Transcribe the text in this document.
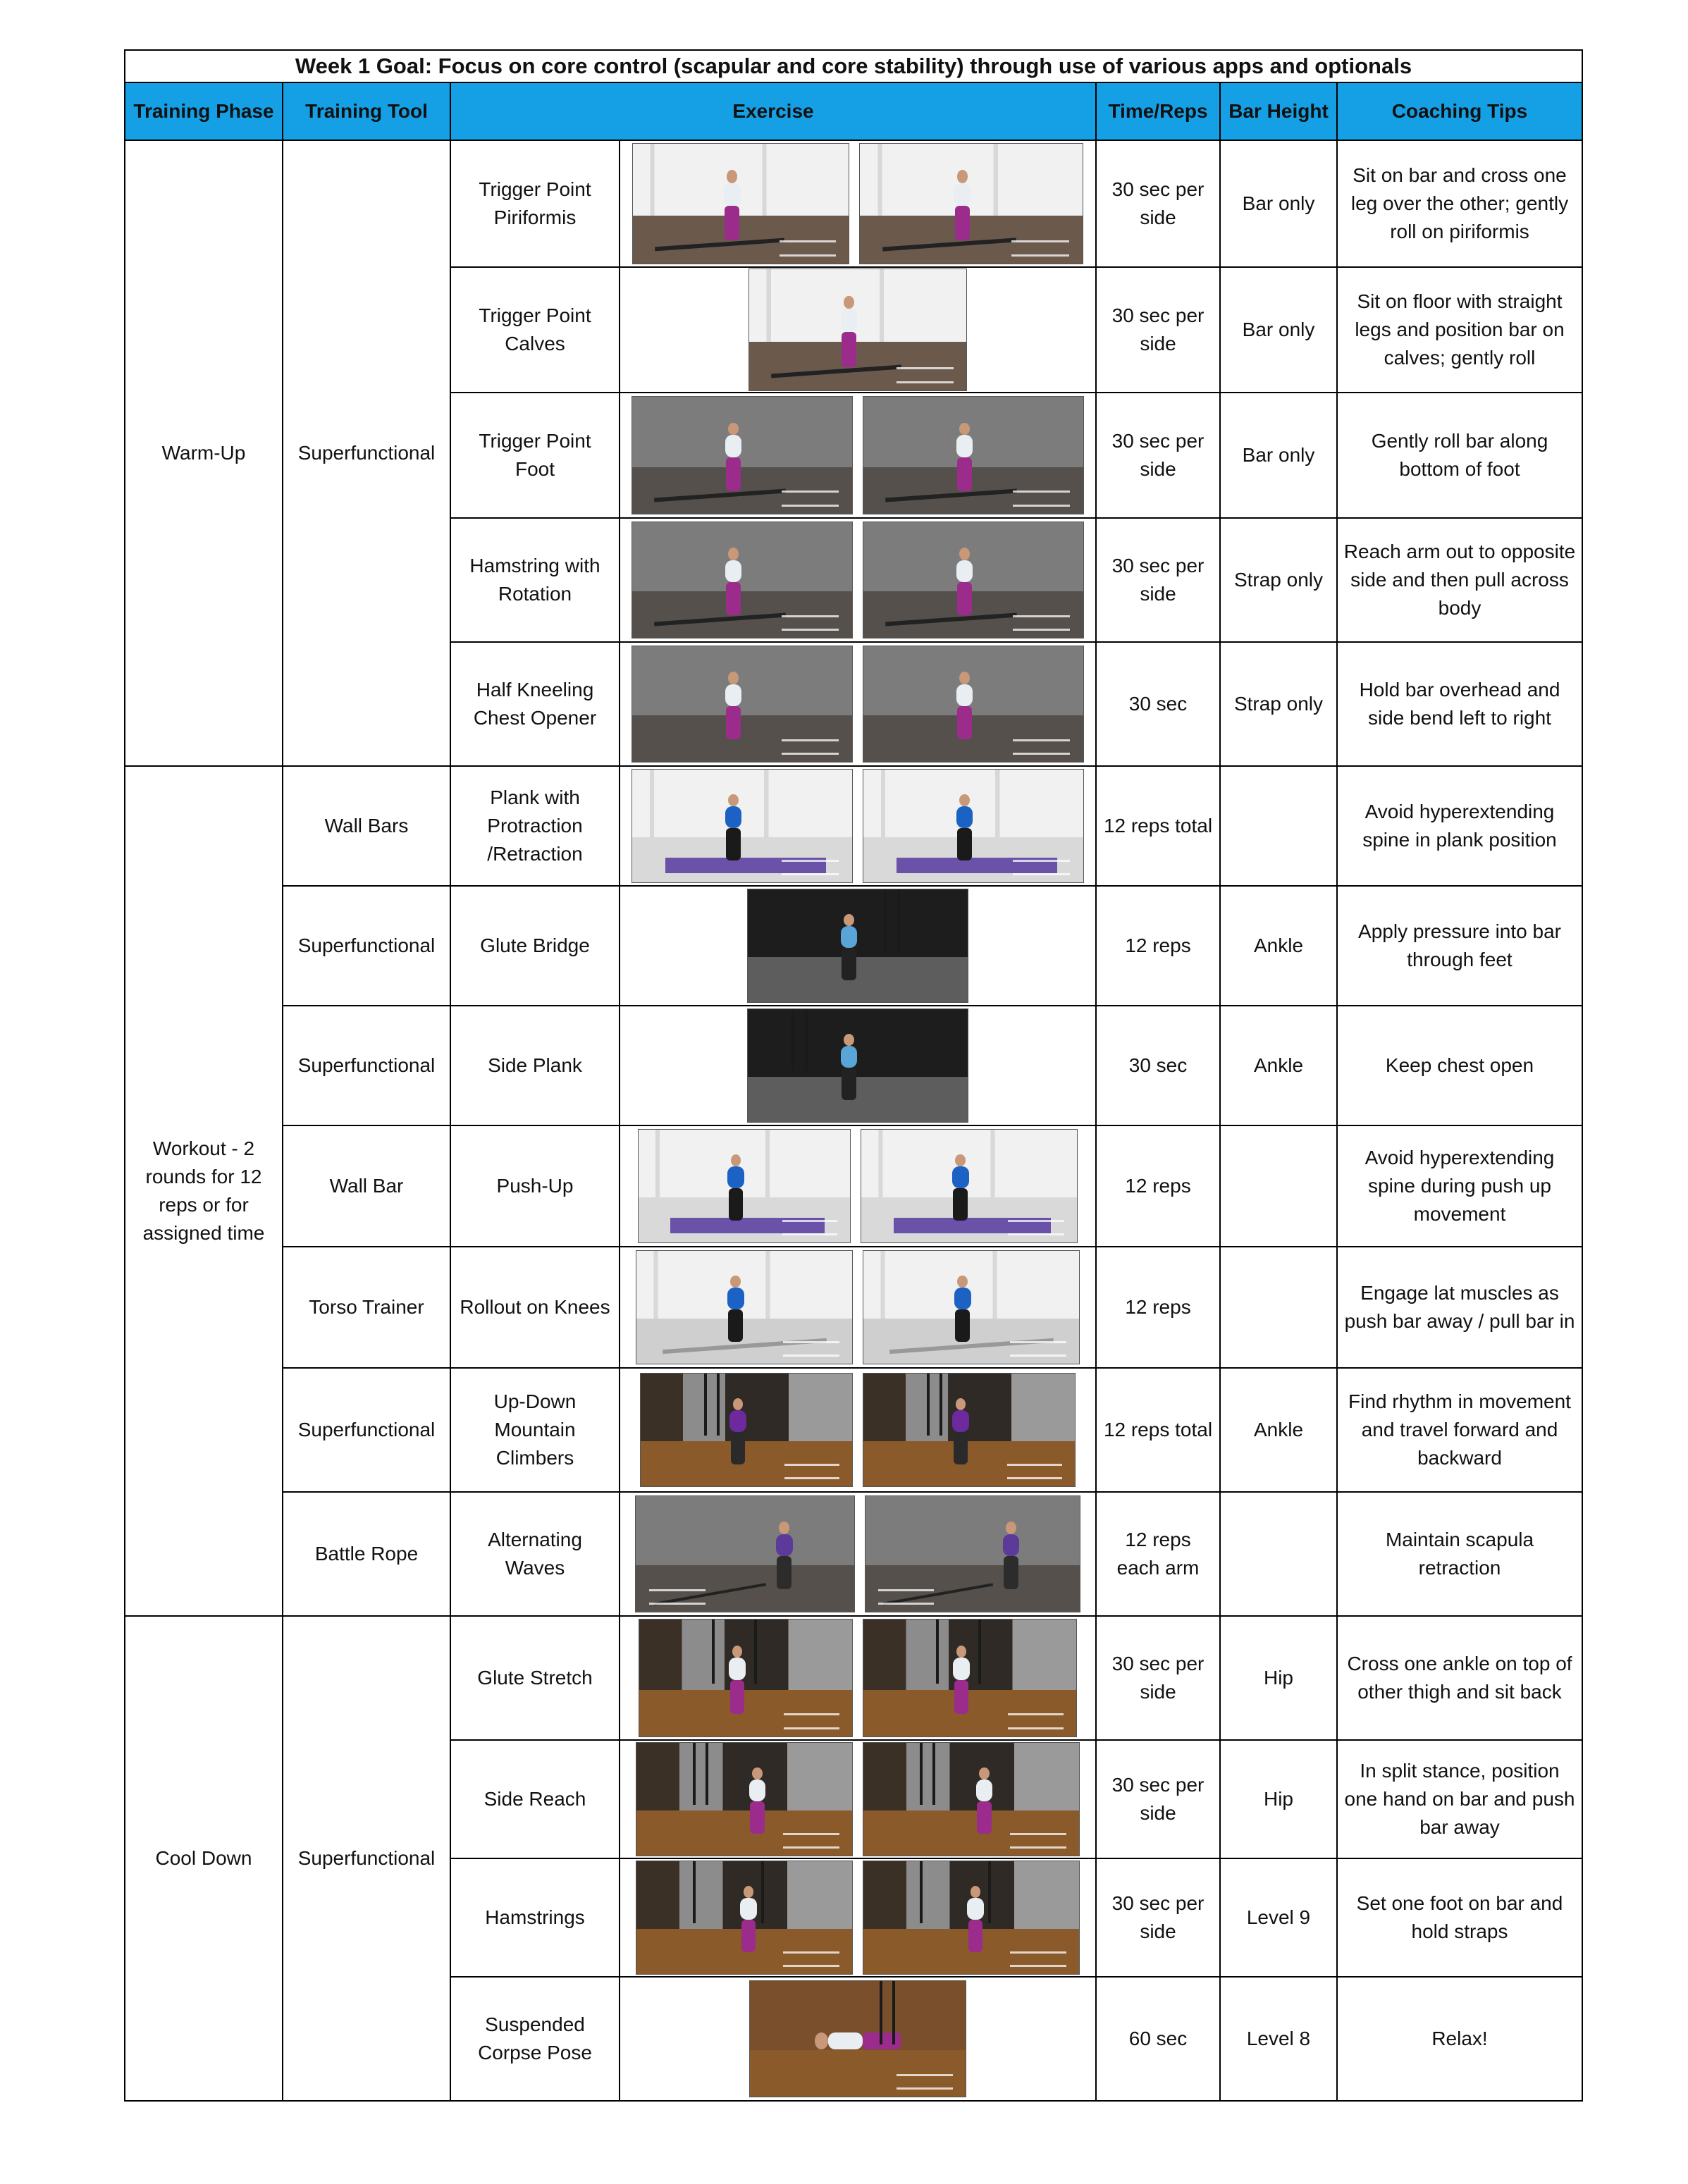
Week 1 Goal: Focus on core control (scapular and core stability) through use of various apps and optionals						
Training Phase	Training Tool	Exercise		Time/Reps	Bar Height	Coaching Tips
Warm-Up	Superfunctional	Trigger Point Piriformis		30 sec per side	Bar only	Sit on bar and cross one leg over the other; gently roll on piriformis
		Trigger Point Calves		30 sec per side	Bar only	Sit on floor with straight legs and position bar on calves; gently roll
		Trigger Point Foot		30 sec per side	Bar only	Gently roll bar along bottom of foot
		Hamstring with Rotation		30 sec per side	Strap only	Reach arm out to opposite side and then pull across body
		Half Kneeling Chest Opener		30 sec	Strap only	Hold bar overhead and side bend left to right
Workout - 2 rounds for 12 reps or for assigned time	Wall Bars	Plank with Protraction /Retraction		12 reps total		Avoid hyperextending spine in plank position
	Superfunctional	Glute Bridge		12 reps	Ankle	Apply pressure into bar through feet
	Superfunctional	Side Plank		30 sec	Ankle	Keep chest open
	Wall Bar	Push-Up		12 reps		Avoid hyperextending spine during push up movement
	Torso Trainer	Rollout on Knees		12 reps		Engage lat muscles as push bar away / pull bar in
	Superfunctional	Up-Down Mountain Climbers		12 reps total	Ankle	Find rhythm in movement and travel forward and backward
	Battle Rope	Alternating Waves		12 reps each arm		Maintain scapula retraction
Cool Down	Superfunctional	Glute Stretch		30 sec per side	Hip	Cross one ankle on top of other thigh and sit back
		Side Reach		30 sec per side	Hip	In split stance, position one hand on bar and push bar away
		Hamstrings		30 sec per side	Level 9	Set one foot on bar and hold straps
		Suspended Corpse Pose		60 sec	Level 8	Relax!
